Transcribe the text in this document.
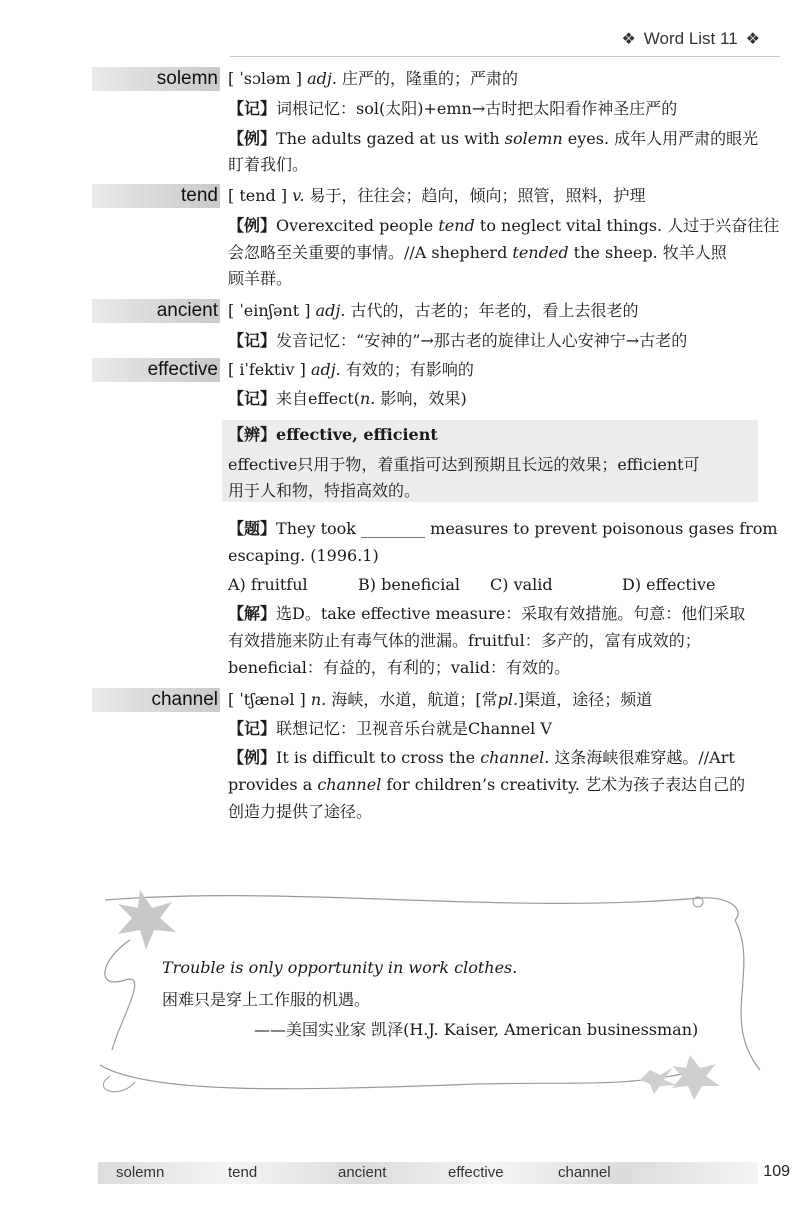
❖ Word List 11 ❖
solemn [ ˈsɔləm ] adj. 庄严的，隆重的；严肃的
【记】词根记忆：sol(太阳)+emn→古时把太阳看作神圣庄严的
【例】The adults gazed at us with solemn eyes. 成年人用严肃的眼光
盯着我们。
tend [ tend ] v. 易于，往往会；趋向，倾向；照管，照料，护理
【例】Overexcited people tend to neglect vital things. 人过于兴奋往往
会忽略至关重要的事情。//A shepherd tended the sheep. 牧羊人照
顾羊群。
ancient [ ˈeinʃənt ] adj. 古代的，古老的；年老的，看上去很老的
【记】发音记忆：“安神的”→那古老的旋律让人心安神宁→古老的
effective [ iˈfektiv ] adj. 有效的；有影响的
【记】来自effect(n. 影响，效果)
【辨】effective, efficient
effective只用于物，着重指可达到预期且长远的效果；efficient可
用于人和物，特指高效的。
【题】They took ________ measures to prevent poisonous gases from
escaping. (1996.1)
A) fruitful	B) beneficial C) valid	D) effective
【解】选D。take effective measure：采取有效措施。句意：他们采取
有效措施来防止有毒气体的泄漏。fruitful：多产的，富有成效的；
beneficial：有益的，有利的；valid：有效的。
channel [ ˈtʃænəl ] n. 海峡，水道，航道；[常pl.]渠道，途径；频道
【记】联想记忆：卫视音乐台就是Channel V
【例】It is difficult to cross the channel. 这条海峡很难穿越。//Art
provides a channel for children’s creativity. 艺术为孩子表达自己的
创造力提供了途径。
Trouble is only opportunity in work clothes.
困难只是穿上工作服的机遇。
——美国实业家 凯泽(H.J. Kaiser, American businessman)
solemn	tend	ancient	effective	channel	109
